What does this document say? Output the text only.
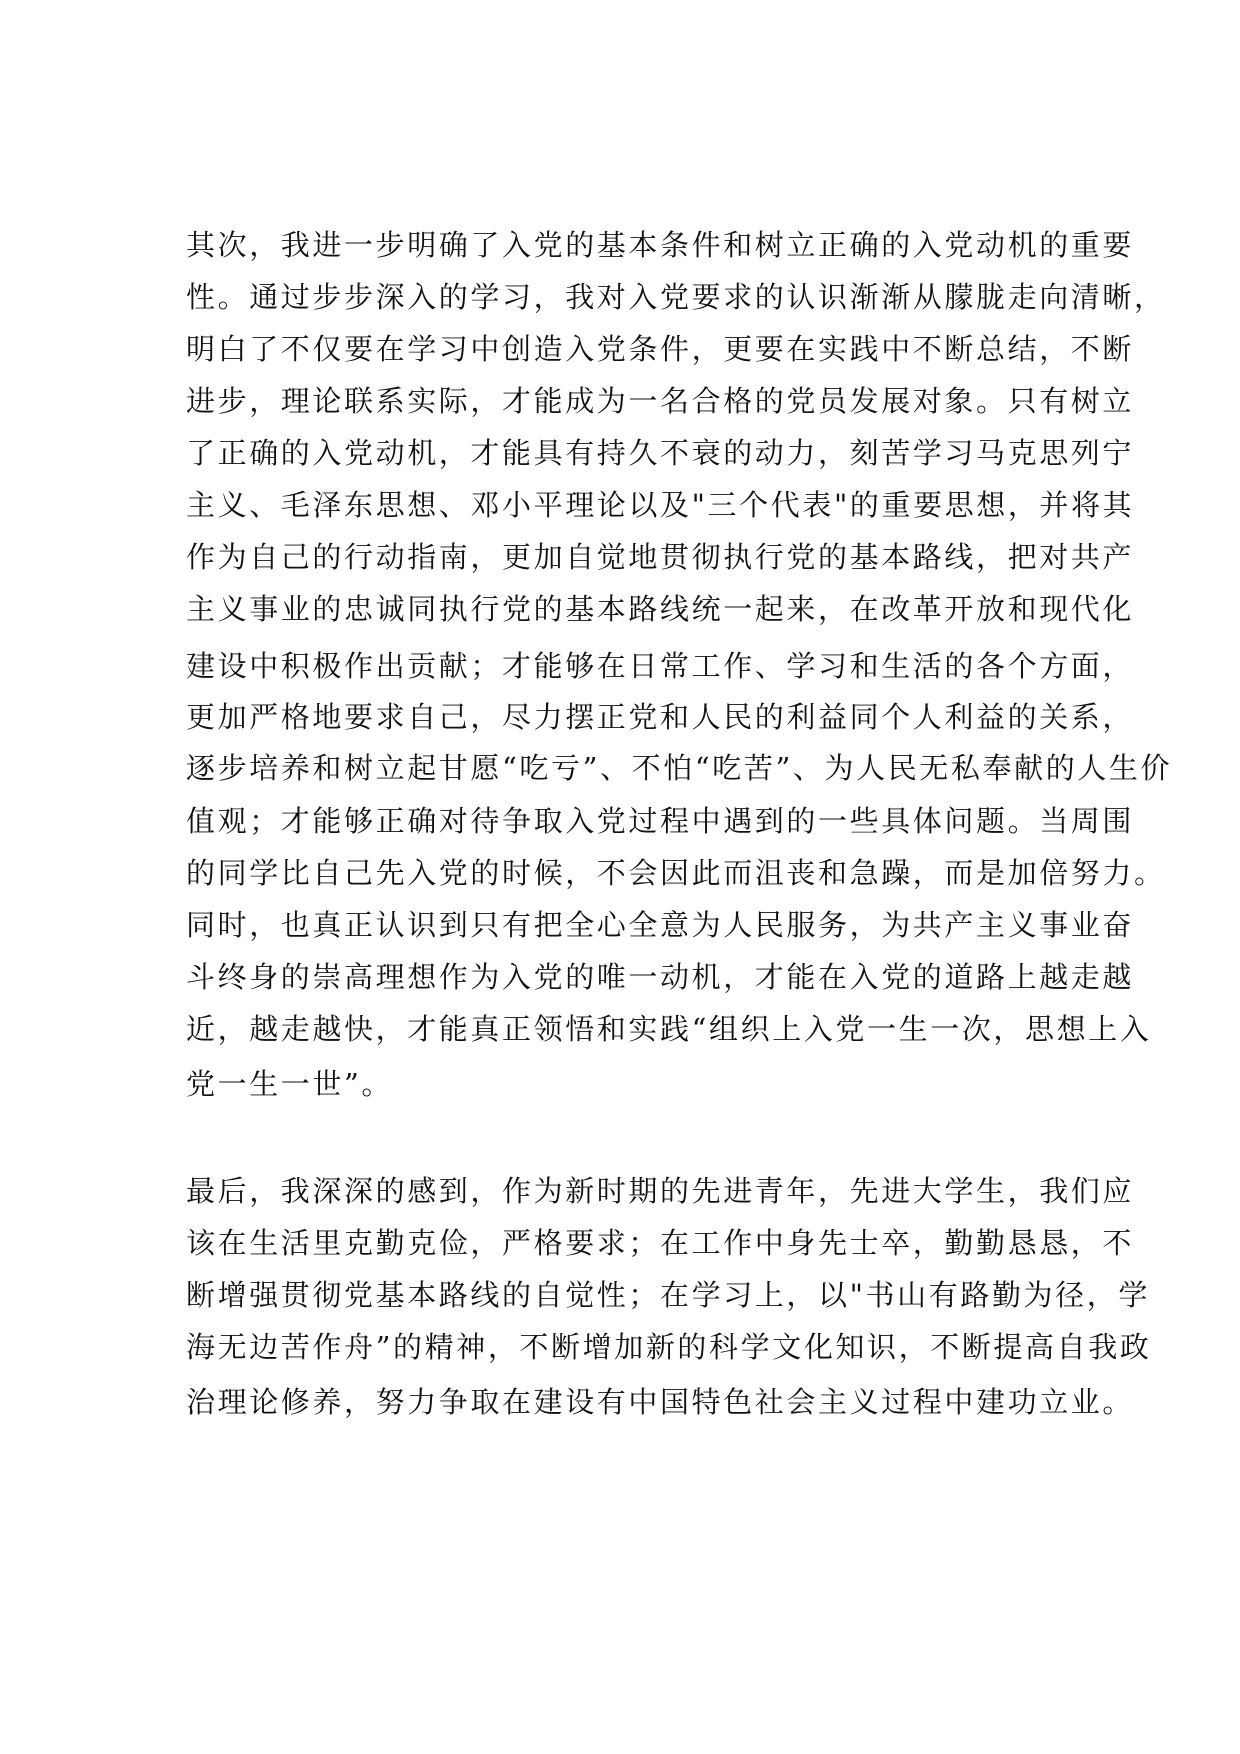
其次，我进一步明确了入党的基本条件和树立正确的入党动机的重要
性。通过步步深入的学习，我对入党要求的认识渐渐从朦胧走向清晰，
明白了不仅要在学习中创造入党条件，更要在实践中不断总结，不断
进步，理论联系实际，才能成为一名合格的党员发展对象。只有树立
了正确的入党动机，才能具有持久不衰的动力，刻苦学习马克思列宁
主义、毛泽东思想、邓小平理论以及"三个代表"的重要思想，并将其
作为自己的行动指南，更加自觉地贯彻执行党的基本路线，把对共产
主义事业的忠诚同执行党的基本路线统一起来，在改革开放和现代化
建设中积极作出贡献；才能够在日常工作、学习和生活的各个方面，
更加严格地要求自己，尽力摆正党和人民的利益同个人利益的关系，
逐步培养和树立起甘愿“吃亏”、不怕“吃苦”、为人民无私奉献的人生价
值观；才能够正确对待争取入党过程中遇到的一些具体问题。当周围
的同学比自己先入党的时候，不会因此而沮丧和急躁，而是加倍努力。
同时，也真正认识到只有把全心全意为人民服务，为共产主义事业奋
斗终身的崇高理想作为入党的唯一动机，才能在入党的道路上越走越
近，越走越快，才能真正领悟和实践“组织上入党一生一次，思想上入
党一生一世”。
最后，我深深的感到，作为新时期的先进青年，先进大学生，我们应
该在生活里克勤克俭，严格要求；在工作中身先士卒，勤勤恳恳，不
断增强贯彻党基本路线的自觉性；在学习上，以"书山有路勤为径，学
海无边苦作舟”的精神，不断增加新的科学文化知识，不断提高自我政
治理论修养，努力争取在建设有中国特色社会主义过程中建功立业。
